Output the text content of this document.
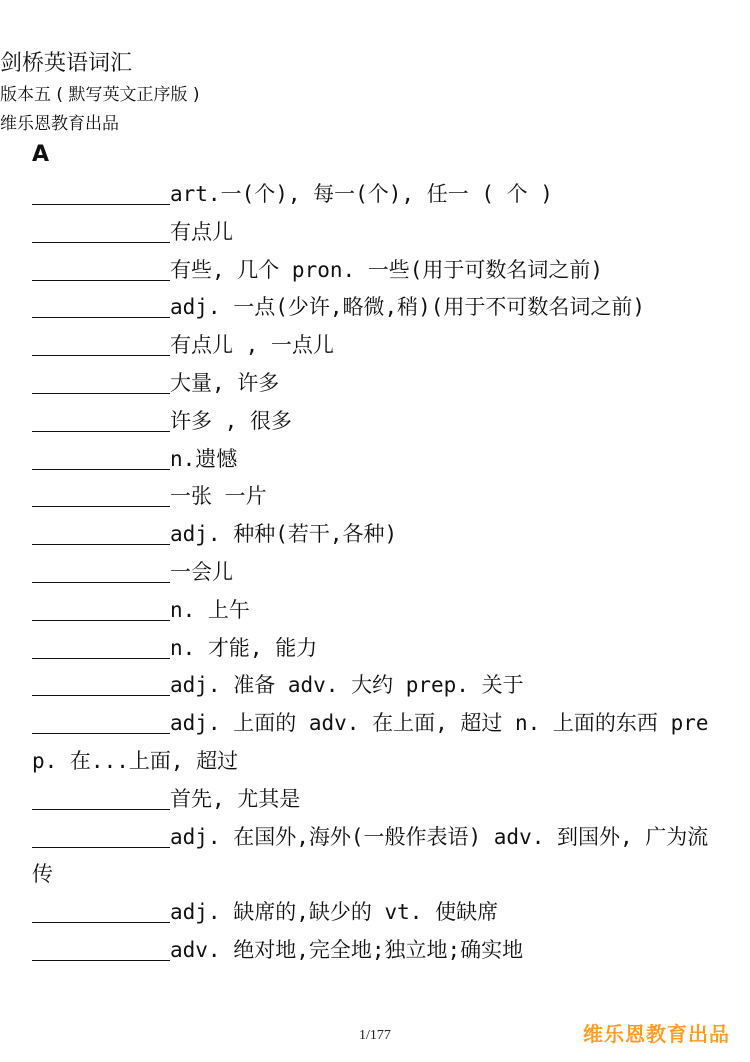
剑桥英语词汇
版本五 ( 默写英文正序版 )
维乐恩教育出品
A
art.一(个), 每一(个), 任一 ( 个 )
有点儿
有些, 几个 pron. 一些(用于可数名词之前)
adj. 一点(少许,略微,稍)(用于不可数名词之前)
有点儿 , 一点儿
大量, 许多
许多 , 很多
n.遗憾
一张 一片
adj. 种种(若干,各种)
一会儿
n. 上午
n. 才能, 能力
adj. 准备 adv. 大约 prep. 关于
adj. 上面的 adv. 在上面, 超过 n. 上面的东西 prep. 在...上面, 超过
首先, 尤其是
adj. 在国外,海外(一般作表语) adv. 到国外, 广为流传
adj. 缺席的,缺少的 vt. 使缺席
adv. 绝对地,完全地;独立地;确实地
1/177	维乐恩教育出品
